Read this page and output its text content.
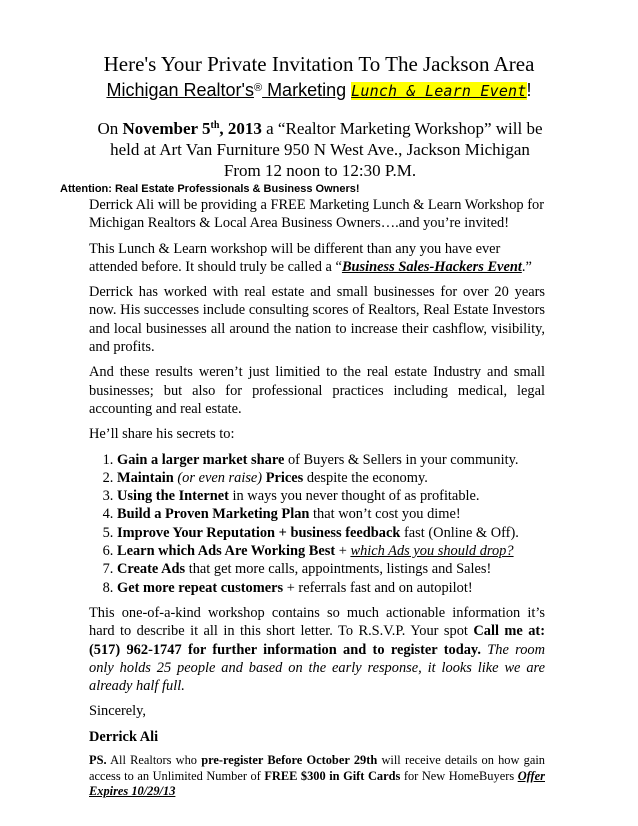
Here's Your Private Invitation To The Jackson Area
Michigan Realtor's® Marketing Lunch & Learn Event!
On November 5th, 2013 a “Realtor Marketing Workshop” will be held at Art Van Furniture 950 N West Ave., Jackson Michigan From 12 noon to 12:30 P.M.
Attention: Real Estate Professionals & Business Owners!

Derrick Ali will be providing a FREE Marketing Lunch & Learn Workshop for Michigan Realtors & Local Area Business Owners….and you’re invited!

This Lunch & Learn workshop will be different than any you have ever attended before. It should truly be called a “Business Sales-Hackers Event.”

Derrick has worked with real estate and small businesses for over 20 years now. His successes include consulting scores of Realtors, Real Estate Investors and local businesses all around the nation to increase their cashflow, visibility, and profits.

And these results weren’t just limitied to the real estate Industry and small businesses; but also for professional practices including medical, legal accounting and real estate.

He’ll share his secrets to:

1. Gain a larger market share of Buyers & Sellers in your community.
2. Maintain (or even raise) Prices despite the economy.
3. Using the Internet in ways you never thought of as profitable.
4. Build a Proven Marketing Plan that won’t cost you dime!
5. Improve Your Reputation + business feedback fast (Online & Off).
6. Learn which Ads Are Working Best + which Ads you should drop?
7. Create Ads that get more calls, appointments, listings and Sales!
8. Get more repeat customers + referrals fast and on autopilot!

This one-of-a-kind workshop contains so much actionable information it’s hard to describe it all in this short letter. To R.S.V.P. Your spot Call me at: (517) 962-1747 for further information and to register today. The room only holds 25 people and based on the early response, it looks like we are already half full.

Sincerely,

Derrick Ali

PS. All Realtors who pre-register Before October 29th will receive details on how gain access to an Unlimited Number of FREE $300 in Gift Cards for New HomeBuyers Offer Expires 10/29/13
